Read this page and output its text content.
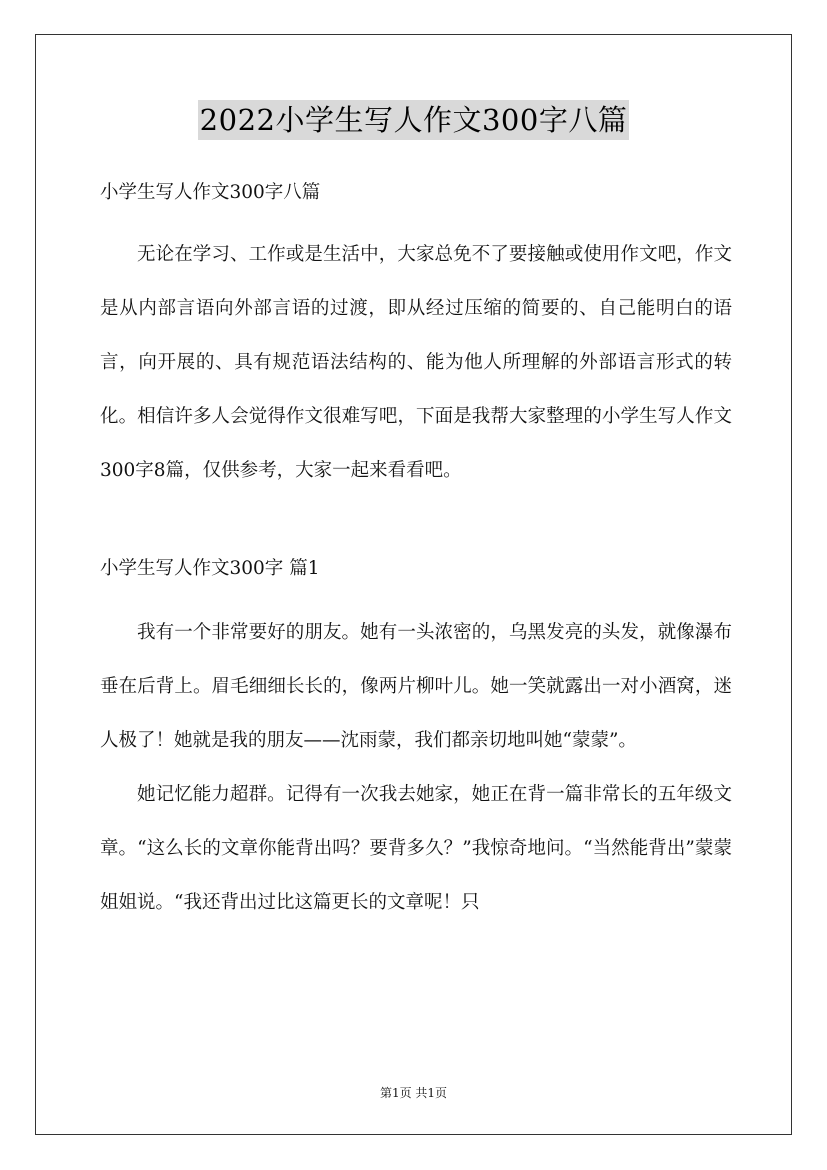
2022小学生写人作文300字八篇

小学生写人作文300字八篇

无论在学习、工作或是生活中，大家总免不了要接触或使用作文吧，作文是从内部言语向外部言语的过渡，即从经过压缩的简要的、自己能明白的语言，向开展的、具有规范语法结构的、能为他人所理解的外部语言形式的转化。相信许多人会觉得作文很难写吧，下面是我帮大家整理的小学生写人作文300字8篇，仅供参考，大家一起来看看吧。

小学生写人作文300字 篇1

我有一个非常要好的朋友。她有一头浓密的，乌黑发亮的头发，就像瀑布垂在后背上。眉毛细细长长的，像两片柳叶儿。她一笑就露出一对小酒窝，迷人极了！她就是我的朋友——沈雨蒙，我们都亲切地叫她“蒙蒙”。

她记忆能力超群。记得有一次我去她家，她正在背一篇非常长的五年级文章。“这么长的文章你能背出吗？要背多久？”我惊奇地问。“当然能背出”蒙蒙姐姐说。“我还背出过比这篇更长的文章呢！只

第1页 共1页
